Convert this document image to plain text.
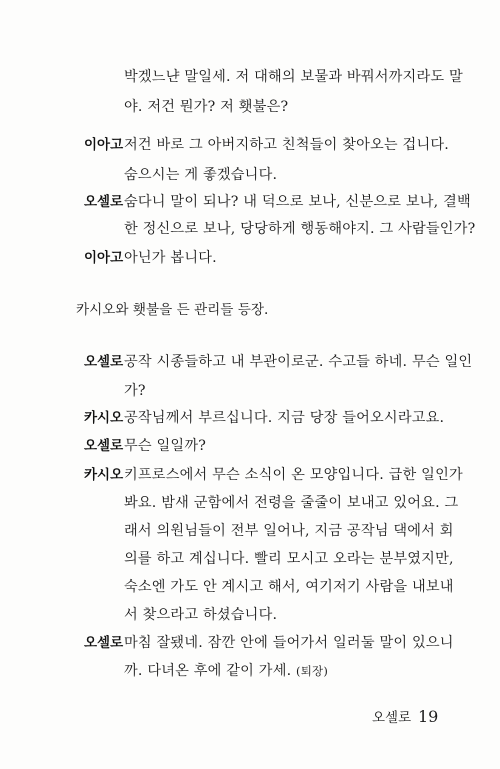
박겠느냔 말일세. 저 대해의 보물과 바꿔서까지라도 말
야. 저건 뭔가? 저 횃불은?
이아고 저건 바로 그 아버지하고 친척들이 찾아오는 겁니다.
숨으시는 게 좋겠습니다.
오셀로 숨다니 말이 되나? 내 덕으로 보나, 신분으로 보나, 결백
한 정신으로 보나, 당당하게 행동해야지. 그 사람들인가?
이아고 아닌가 봅니다.
카시오와 횃불을 든 관리들 등장.
오셀로 공작 시종들하고 내 부관이로군. 수고들 하네. 무슨 일인
가?
카시오 공작님께서 부르십니다. 지금 당장 들어오시라고요.
오셀로 무슨 일일까?
카시오 키프로스에서 무슨 소식이 온 모양입니다. 급한 일인가
봐요. 밤새 군함에서 전령을 줄줄이 보내고 있어요. 그
래서 의원님들이 전부 일어나, 지금 공작님 댁에서 회
의를 하고 계십니다. 빨리 모시고 오라는 분부였지만,
숙소엔 가도 안 계시고 해서, 여기저기 사람을 내보내
서 찾으라고 하셨습니다.
오셀로 마침 잘됐네. 잠깐 안에 들어가서 일러둘 말이 있으니
까. 다녀온 후에 같이 가세. (퇴장)
오셀로 19
